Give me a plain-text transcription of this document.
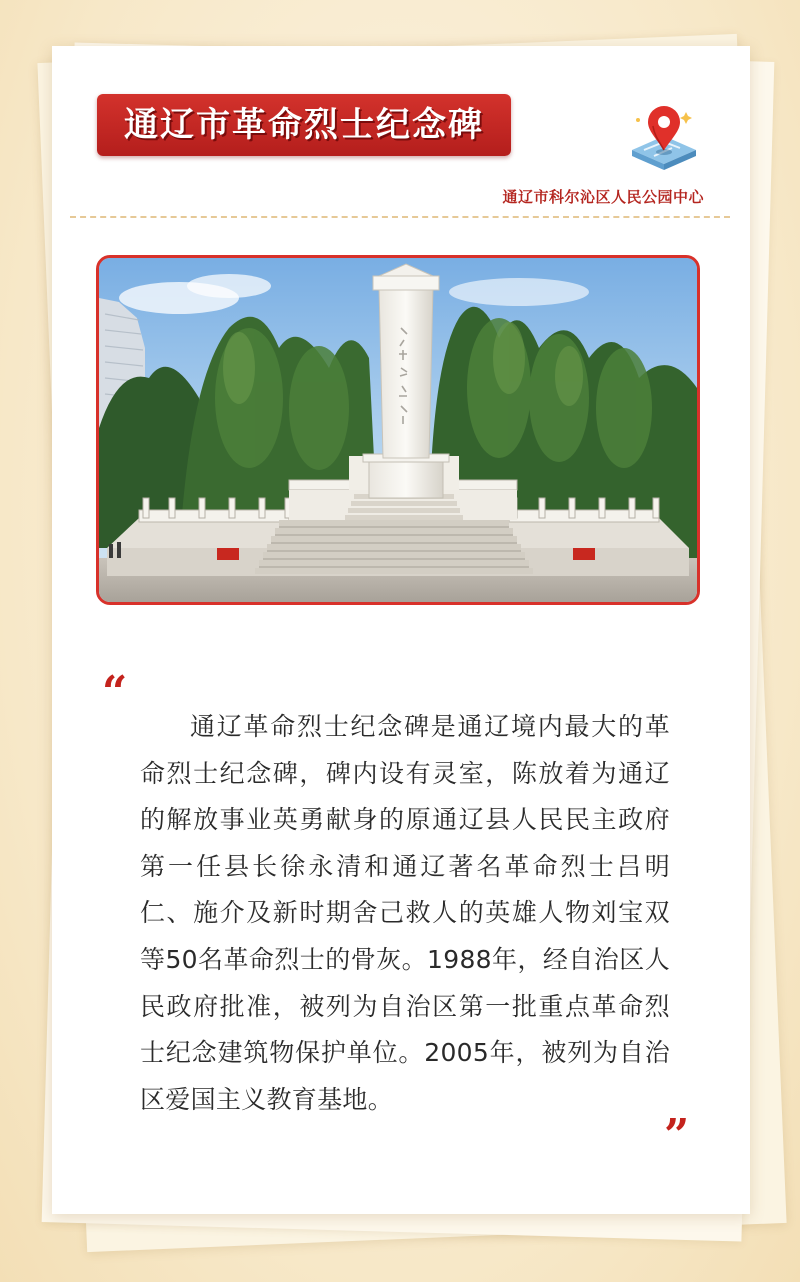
通辽市革命烈士纪念碑
通辽市科尔沁区人民公园中心
“
通辽革命烈士纪念碑是通辽境内最大的革命烈士纪念碑，碑内设有灵室，陈放着为通辽的解放事业英勇献身的原通辽县人民民主政府第一任县长徐永清和通辽著名革命烈士吕明仁、施介及新时期舍己救人的英雄人物刘宝双等50名革命烈士的骨灰。1988年，经自治区人民政府批准，被列为自治区第一批重点革命烈士纪念建筑物保护单位。2005年，被列为自治区爱国主义教育基地。
”
